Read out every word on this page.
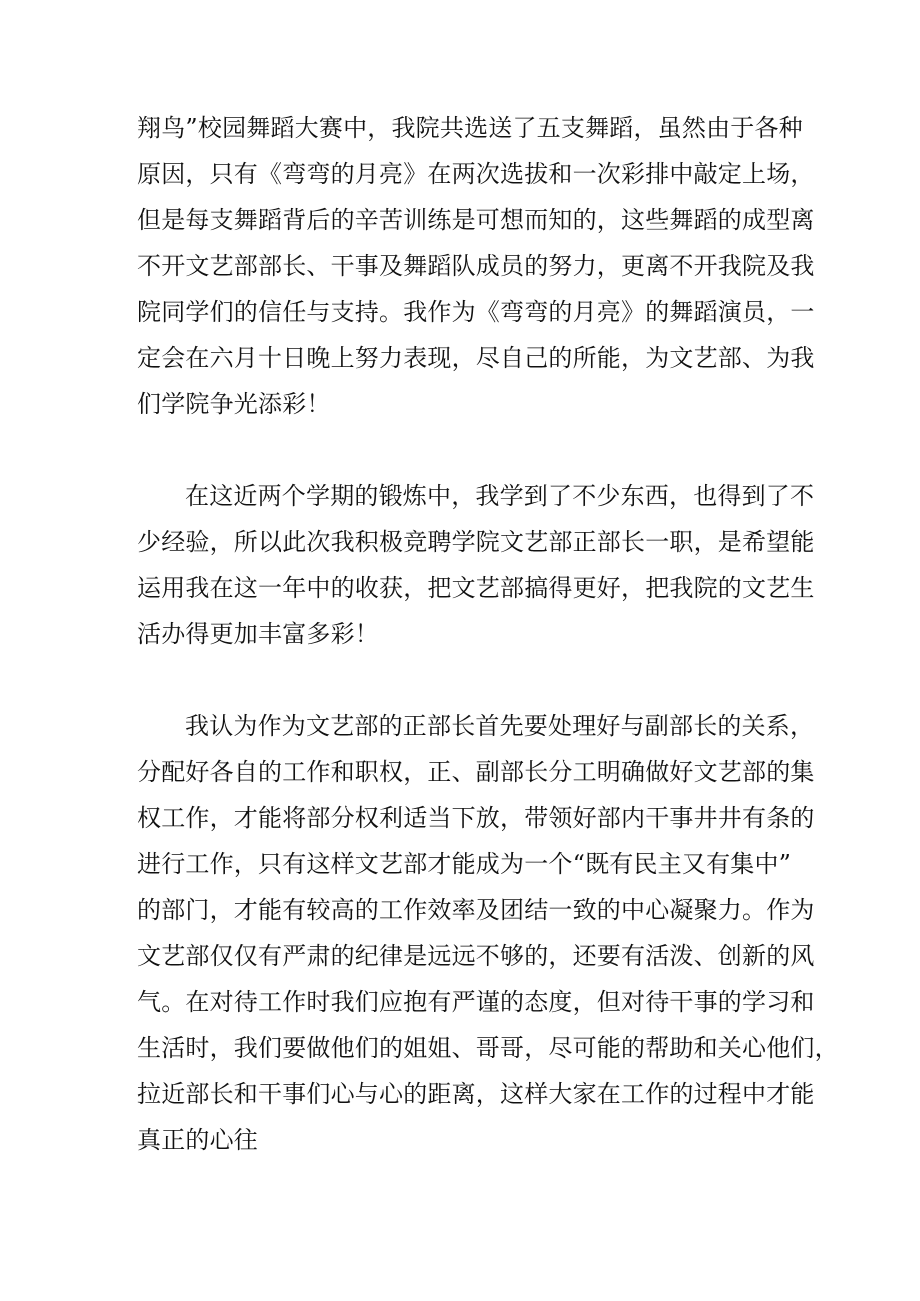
翔鸟”校园舞蹈大赛中，我院共选送了五支舞蹈，虽然由于各种
原因，只有《弯弯的月亮》在两次选拔和一次彩排中敲定上场，
但是每支舞蹈背后的辛苦训练是可想而知的，这些舞蹈的成型离
不开文艺部部长、干事及舞蹈队成员的努力，更离不开我院及我
院同学们的信任与支持。我作为《弯弯的月亮》的舞蹈演员，一
定会在六月十日晚上努力表现，尽自己的所能，为文艺部、为我
们学院争光添彩！

在这近两个学期的锻炼中，我学到了不少东西，也得到了不
少经验，所以此次我积极竞聘学院文艺部正部长一职，是希望能
运用我在这一年中的收获，把文艺部搞得更好，把我院的文艺生
活办得更加丰富多彩！

我认为作为文艺部的正部长首先要处理好与副部长的关系，
分配好各自的工作和职权，正、副部长分工明确做好文艺部的集
权工作，才能将部分权利适当下放，带领好部内干事井井有条的
进行工作，只有这样文艺部才能成为一个“既有民主又有集中”
的部门，才能有较高的工作效率及团结一致的中心凝聚力。作为
文艺部仅仅有严肃的纪律是远远不够的，还要有活泼、创新的风
气。在对待工作时我们应抱有严谨的态度，但对待干事的学习和
生活时，我们要做他们的姐姐、哥哥，尽可能的帮助和关心他们，
拉近部长和干事们心与心的距离，这样大家在工作的过程中才能
真正的心往
